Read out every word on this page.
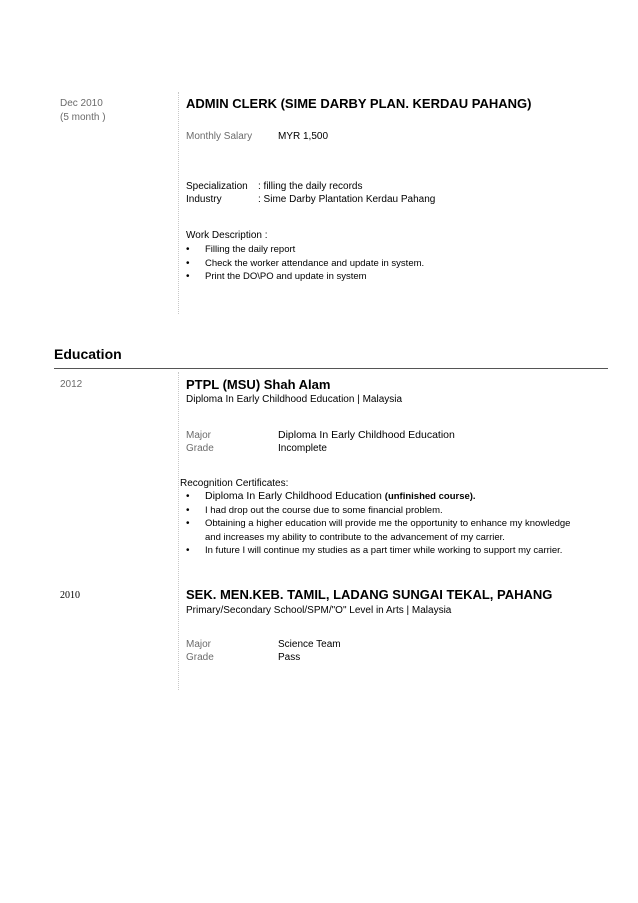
Dec 2010
(5 month )
ADMIN CLERK (SIME DARBY PLAN. KERDAU PAHANG)
Monthly Salary	MYR 1,500
Specialization : filling the daily records
Industry	: Sime Darby Plantation Kerdau Pahang
Work Description :
• Filling the daily report
• Check the worker attendance and update in system.
• Print the DO\PO and update in system
Education
2012	PTPL (MSU) Shah Alam
Diploma In Early Childhood Education | Malaysia
Major	Diploma In Early Childhood Education
Grade	Incomplete
Recognition Certificates:
• Diploma In Early Childhood Education (unfinished course).
• I had drop out the course due to some financial problem.
• Obtaining a higher education will provide me the opportunity to enhance my knowledge
and increases my ability to contribute to the advancement of my carrier.
• In future I will continue my studies as a part timer while working to support my carrier.
2010	SEK. MEN.KEB. TAMIL, LADANG SUNGAI TEKAL, PAHANG
Primary/Secondary School/SPM/"O" Level in Arts | Malaysia
Major	Science Team
Grade	Pass
